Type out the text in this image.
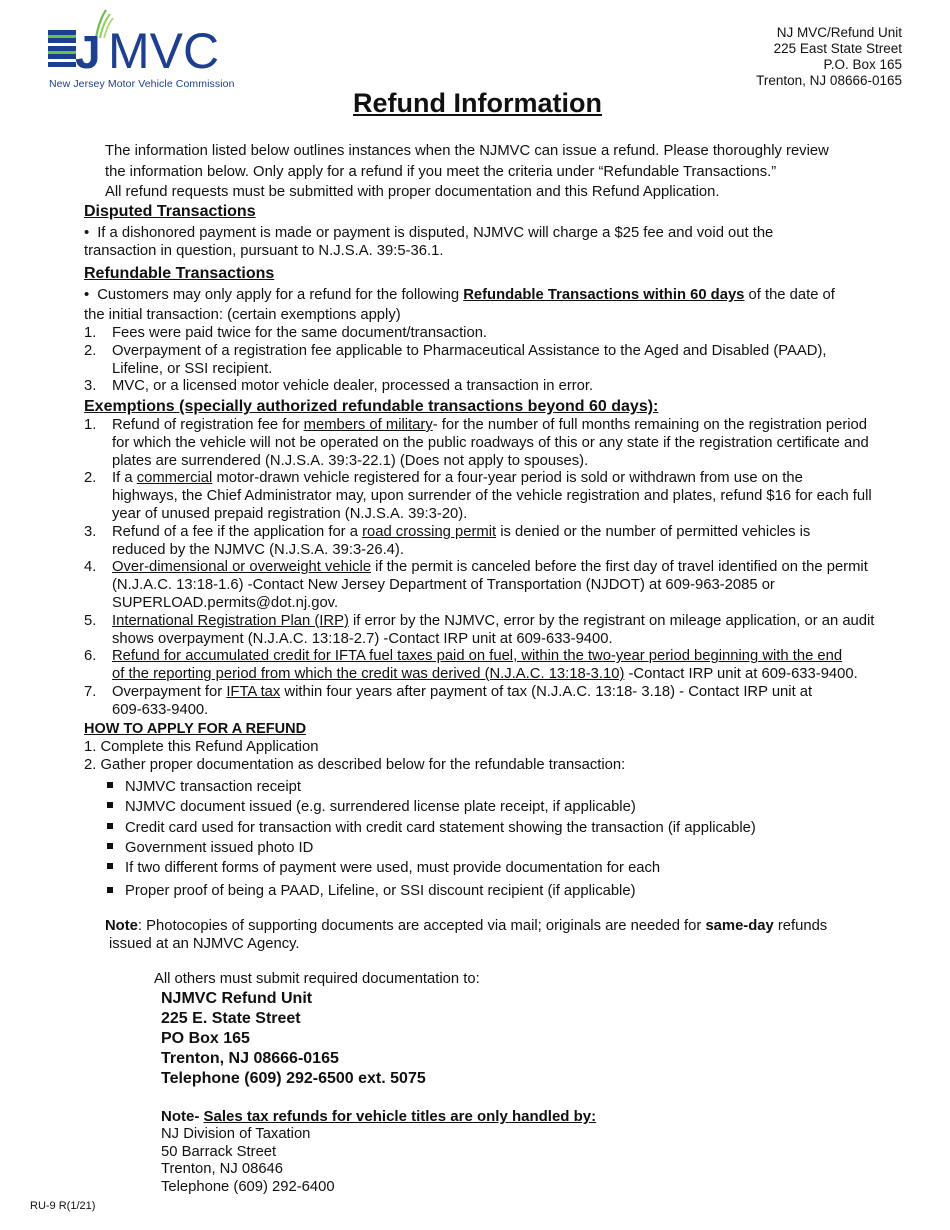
J MVC
New Jersey Motor Vehicle Commission
NJ MVC/Refund Unit
225 East State Street
P.O. Box 165
Trenton, NJ 08666-0165
Refund Information
The information listed below outlines instances when the NJMVC can issue a refund. Please thoroughly review
the information below. Only apply for a refund if you meet the criteria under “Refundable Transactions.”
All refund requests must be submitted with proper documentation and this Refund Application.
Disputed Transactions
• If a dishonored payment is made or payment is disputed, NJMVC will charge a $25 fee and void out the
transaction in question, pursuant to N.J.S.A. 39:5-36.1.
Refundable Transactions
• Customers may only apply for a refund for the following Refundable Transactions within 60 days of the date of
the initial transaction: (certain exemptions apply)
1. Fees were paid twice for the same document/transaction.
2. Overpayment of a registration fee applicable to Pharmaceutical Assistance to the Aged and Disabled (PAAD),
Lifeline, or SSI recipient.
3. MVC, or a licensed motor vehicle dealer, processed a transaction in error.
Exemptions (specially authorized refundable transactions beyond 60 days):
1. Refund of registration fee for members of military- for the number of full months remaining on the registration period
for which the vehicle will not be operated on the public roadways of this or any state if the registration certificate and
plates are surrendered (N.J.S.A. 39:3-22.1) (Does not apply to spouses).
2. If a commercial motor-drawn vehicle registered for a four-year period is sold or withdrawn from use on the
highways, the Chief Administrator may, upon surrender of the vehicle registration and plates, refund $16 for each full
year of unused prepaid registration (N.J.S.A. 39:3-20).
3. Refund of a fee if the application for a road crossing permit is denied or the number of permitted vehicles is
reduced by the NJMVC (N.J.S.A. 39:3-26.4).
4. Over-dimensional or overweight vehicle if the permit is canceled before the first day of travel identified on the permit
(N.J.A.C. 13:18-1.6) -Contact New Jersey Department of Transportation (NJDOT) at 609-963-2085 or
SUPERLOAD.permits@dot.nj.gov.
5. International Registration Plan (IRP) if error by the NJMVC, error by the registrant on mileage application, or an audit
shows overpayment (N.J.A.C. 13:18-2.7) -Contact IRP unit at 609-633-9400.
6. Refund for accumulated credit for IFTA fuel taxes paid on fuel, within the two-year period beginning with the end
of the reporting period from which the credit was derived (N.J.A.C. 13:18-3.10) -Contact IRP unit at 609-633-9400.
7. Overpayment for IFTA tax within four years after payment of tax (N.J.A.C. 13:18- 3.18) - Contact IRP unit at
609-633-9400.
HOW TO APPLY FOR A REFUND
1. Complete this Refund Application
2. Gather proper documentation as described below for the refundable transaction:
NJMVC transaction receipt
NJMVC document issued (e.g. surrendered license plate receipt, if applicable)
Credit card used for transaction with credit card statement showing the transaction (if applicable)
Government issued photo ID
If two different forms of payment were used, must provide documentation for each
Proper proof of being a PAAD, Lifeline, or SSI discount recipient (if applicable)
Note: Photocopies of supporting documents are accepted via mail; originals are needed for same-day refunds
issued at an NJMVC Agency.
All others must submit required documentation to:
NJMVC Refund Unit
225 E. State Street
PO Box 165
Trenton, NJ 08666-0165
Telephone (609) 292-6500 ext. 5075
Note- Sales tax refunds for vehicle titles are only handled by:
NJ Division of Taxation
50 Barrack Street
Trenton, NJ 08646
Telephone (609) 292-6400
RU-9 R(1/21)
